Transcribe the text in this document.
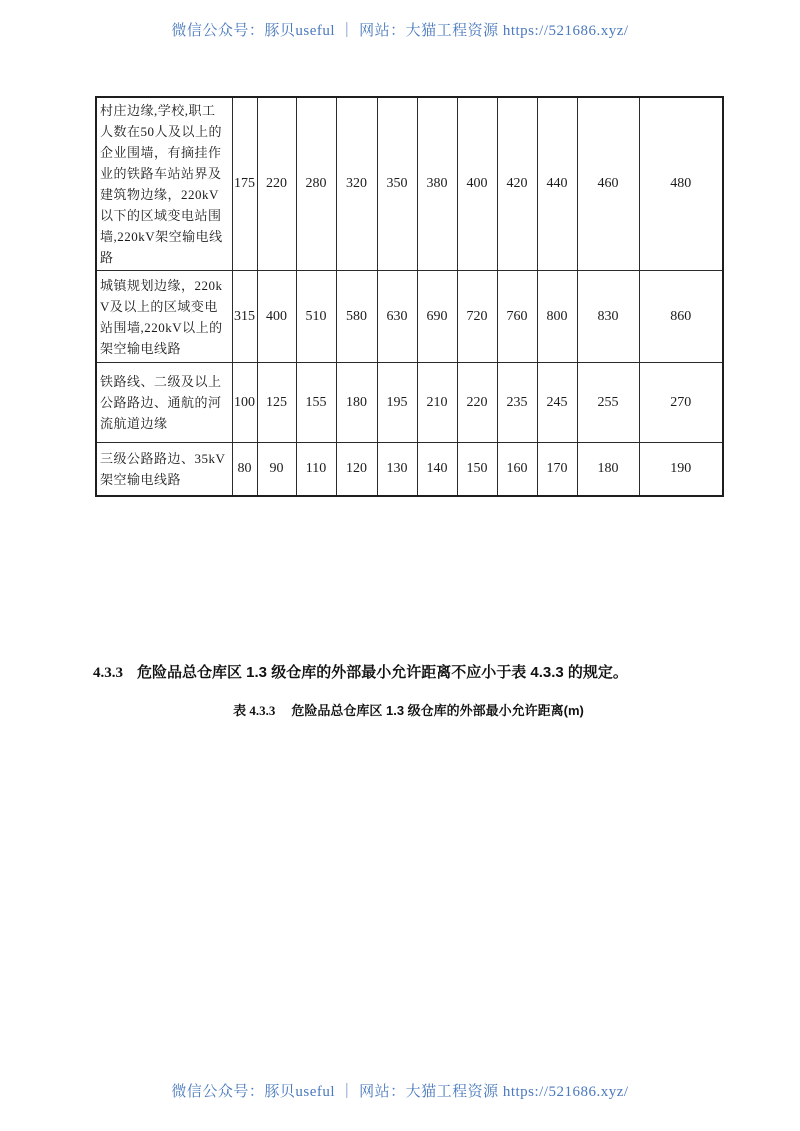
微信公众号：豚贝useful ｜ 网站：大猫工程资源 https://521686.xyz/
村庄边缘,学校,职工人数在50人及以上的企业围墙，有摘挂作业的铁路车站站界及建筑物边缘，220kV以下的区域变电站围墙,220kV架空输电线路	175	220	280	320	350	380	400	420	440	460	480
城镇规划边缘，220kV及以上的区域变电站围墙,220kV以上的架空输电线路	315	400	510	580	630	690	720	760	800	830	860
铁路线、二级及以上公路路边、通航的河流航道边缘	100	125	155	180	195	210	220	235	245	255	270
三级公路路边、35kV架空输电线路	80	90	110	120	130	140	150	160	170	180	190
4.3.3 危险品总仓库区 1.3 级仓库的外部最小允许距离不应小于表 4.3.3 的规定。
表 4.3.3 危险品总仓库区 1.3 级仓库的外部最小允许距离(m)
微信公众号：豚贝useful ｜ 网站：大猫工程资源 https://521686.xyz/
